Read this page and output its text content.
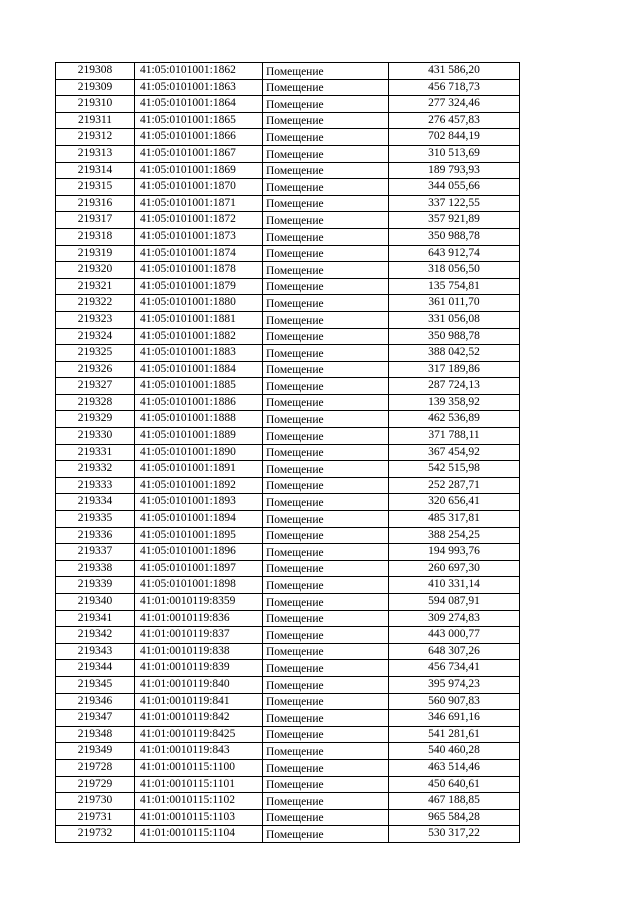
219308	41:05:0101001:1862	Помещение	431 586,20
219309	41:05:0101001:1863	Помещение	456 718,73
219310	41:05:0101001:1864	Помещение	277 324,46
219311	41:05:0101001:1865	Помещение	276 457,83
219312	41:05:0101001:1866	Помещение	702 844,19
219313	41:05:0101001:1867	Помещение	310 513,69
219314	41:05:0101001:1869	Помещение	189 793,93
219315	41:05:0101001:1870	Помещение	344 055,66
219316	41:05:0101001:1871	Помещение	337 122,55
219317	41:05:0101001:1872	Помещение	357 921,89
219318	41:05:0101001:1873	Помещение	350 988,78
219319	41:05:0101001:1874	Помещение	643 912,74
219320	41:05:0101001:1878	Помещение	318 056,50
219321	41:05:0101001:1879	Помещение	135 754,81
219322	41:05:0101001:1880	Помещение	361 011,70
219323	41:05:0101001:1881	Помещение	331 056,08
219324	41:05:0101001:1882	Помещение	350 988,78
219325	41:05:0101001:1883	Помещение	388 042,52
219326	41:05:0101001:1884	Помещение	317 189,86
219327	41:05:0101001:1885	Помещение	287 724,13
219328	41:05:0101001:1886	Помещение	139 358,92
219329	41:05:0101001:1888	Помещение	462 536,89
219330	41:05:0101001:1889	Помещение	371 788,11
219331	41:05:0101001:1890	Помещение	367 454,92
219332	41:05:0101001:1891	Помещение	542 515,98
219333	41:05:0101001:1892	Помещение	252 287,71
219334	41:05:0101001:1893	Помещение	320 656,41
219335	41:05:0101001:1894	Помещение	485 317,81
219336	41:05:0101001:1895	Помещение	388 254,25
219337	41:05:0101001:1896	Помещение	194 993,76
219338	41:05:0101001:1897	Помещение	260 697,30
219339	41:05:0101001:1898	Помещение	410 331,14
219340	41:01:0010119:8359	Помещение	594 087,91
219341	41:01:0010119:836	Помещение	309 274,83
219342	41:01:0010119:837	Помещение	443 000,77
219343	41:01:0010119:838	Помещение	648 307,26
219344	41:01:0010119:839	Помещение	456 734,41
219345	41:01:0010119:840	Помещение	395 974,23
219346	41:01:0010119:841	Помещение	560 907,83
219347	41:01:0010119:842	Помещение	346 691,16
219348	41:01:0010119:8425	Помещение	541 281,61
219349	41:01:0010119:843	Помещение	540 460,28
219728	41:01:0010115:1100	Помещение	463 514,46
219729	41:01:0010115:1101	Помещение	450 640,61
219730	41:01:0010115:1102	Помещение	467 188,85
219731	41:01:0010115:1103	Помещение	965 584,28
219732	41:01:0010115:1104	Помещение	530 317,22
